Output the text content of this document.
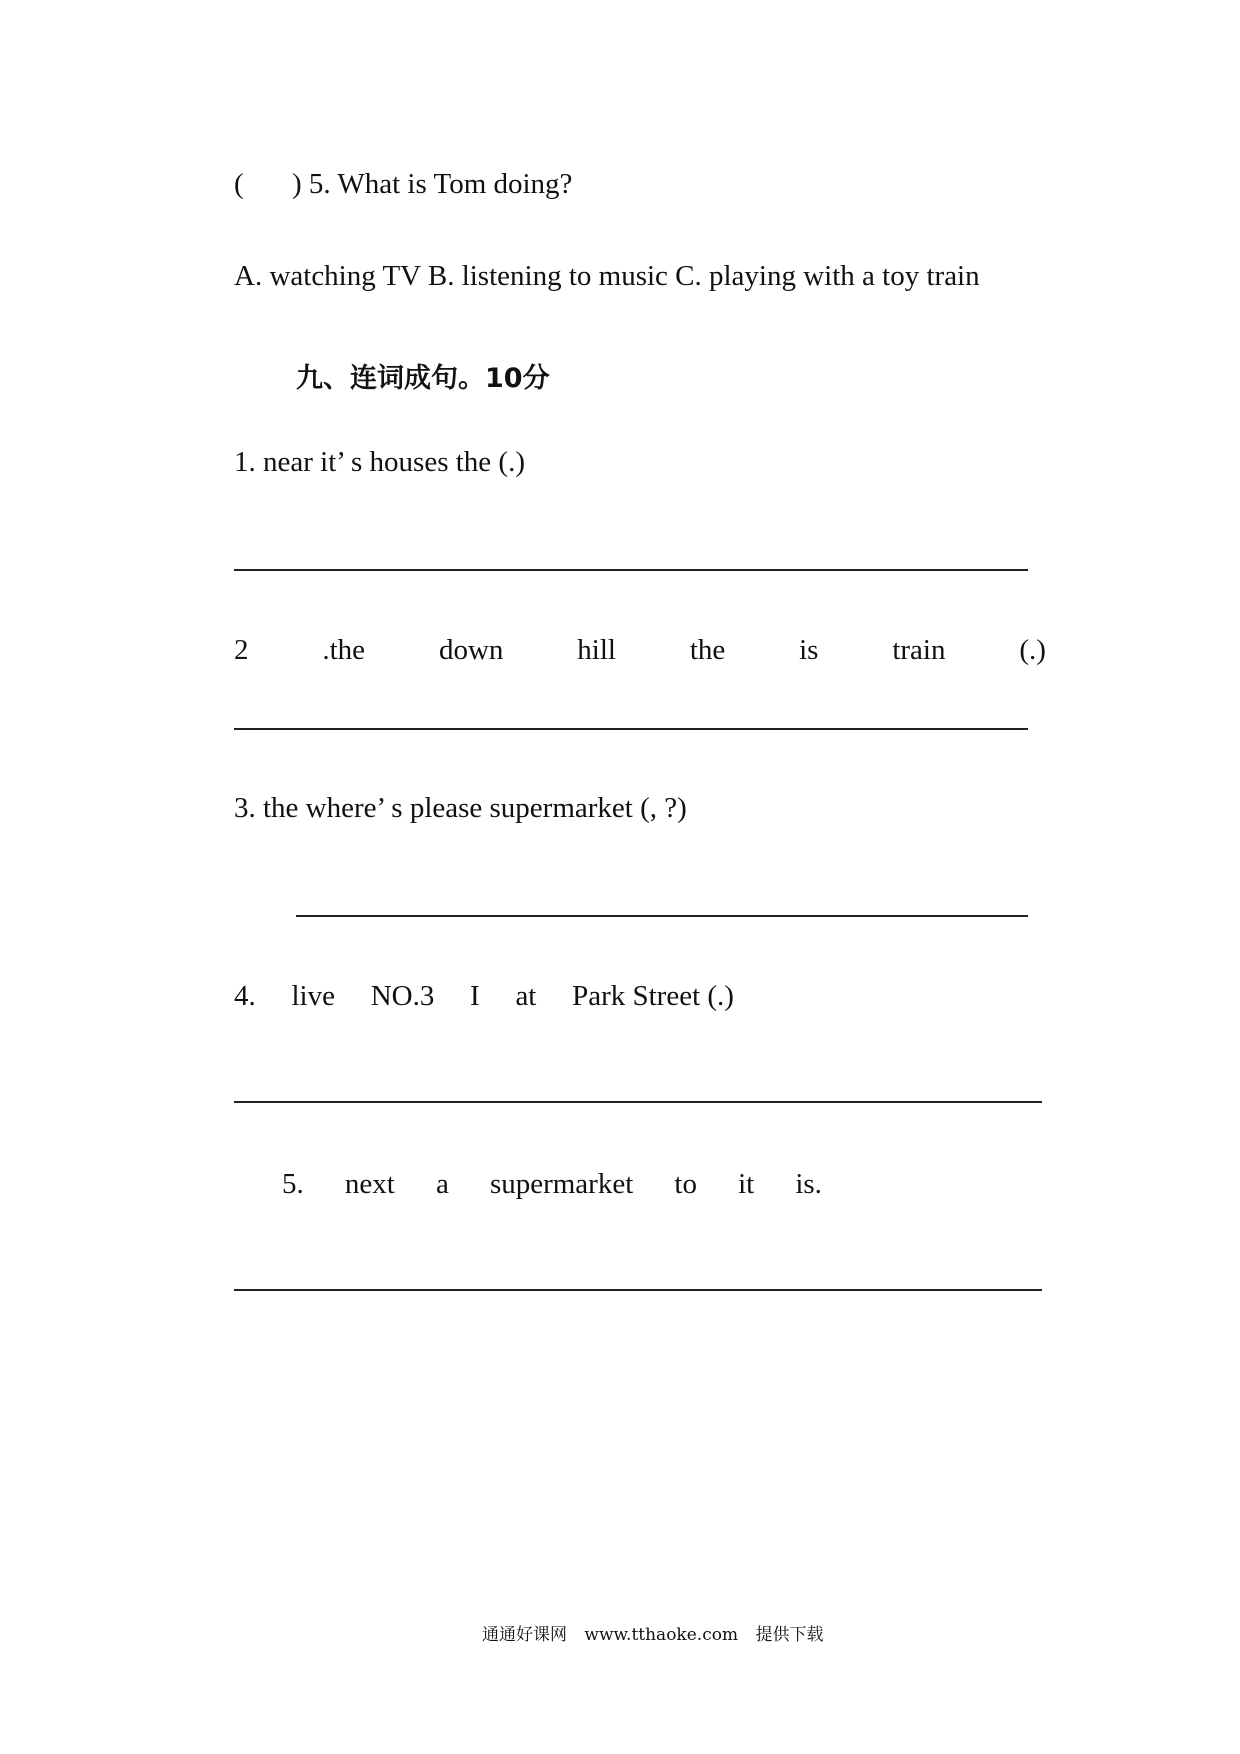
( ) 5. What is Tom doing?
A. watching TV B. listening to music C. playing with a toy train
九、连词成句。10分
1. near it’ s houses the (.)
2	.the	down	hill	the	is	train	(.)
3. the where’ s please supermarket (, ?)
4. live NO.3 I at Park Street (.)
5. next a supermarket to it is.
通通好课网 www.tthaoke.com 提供下载
